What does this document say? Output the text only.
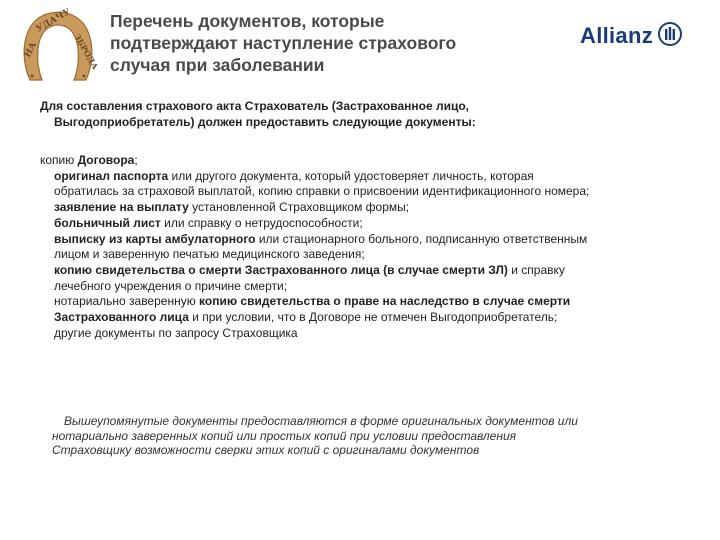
НА
УДАЧУ
ЗБРОДА
Перечень документов, которые
подтверждают наступление страхового
случая при заболевании
Allianz
Для составления страхового акта Страхователь (Застрахованное лицо,
Выгодоприобретатель) должен предоставить следующие документы:
копию Договора;
оригинал паспорта или другого документа, который удостоверяет личность, которая
обратилась за страховой выплатой, копию справки о присвоении идентификационного номера;
заявление на выплату установленной Страховщиком формы;
больничный лист или справку о нетрудоспособности;
выписку из карты амбулаторного или стационарного больного, подписанную ответственным
лицом и заверенную печатью медицинского заведения;
копию свидетельства о смерти Застрахованного лица (в случае смерти ЗЛ) и справку
лечебного учреждения о причине смерти;
нотариально заверенную копию свидетельства о праве на наследство в случае смерти
Застрахованного лица и при условии, что в Договоре не отмечен Выгодоприобретатель;
другие документы по запросу Страховщика
Вышеупомянутые документы предоставляются в форме оригинальных документов или
нотариально заверенных копий или простых копий при условии предоставления
Страховщику возможности сверки этих копий с оригиналами документов
